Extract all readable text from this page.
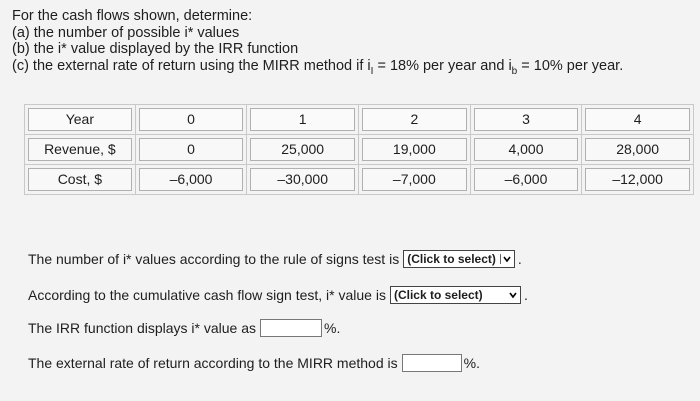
For the cash flows shown, determine:
(a) the number of possible i* values
(b) the i* value displayed by the IRR function
(c) the external rate of return using the MIRR method if $i_I = 18\%$ per year and $i_b = 10\%$ per year.
Year	0	1	2	3	4

Revenue, $	0	25,000	19,000	4,000	28,000

Cost, $	–6,000	–30,000	–7,000	–6,000	–12,000
The number of i* values according to the rule of signs test is (Click to select) .
According to the cumulative cash flow sign test, i* value is (Click to select)	.
The IRR function displays i* value as	%.
The external rate of return according to the MIRR method is	%.
